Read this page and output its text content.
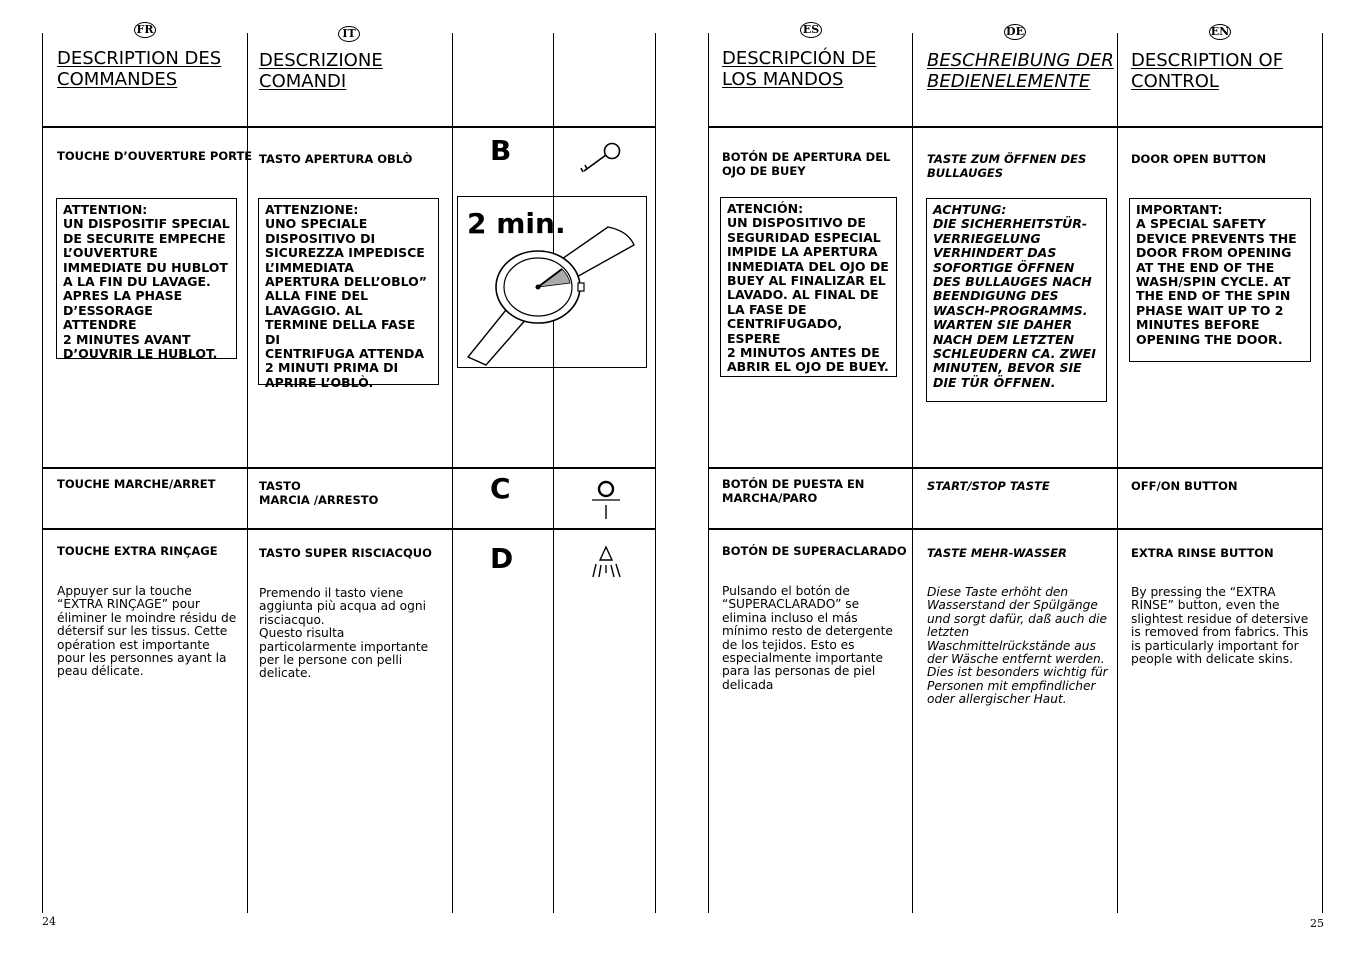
FR
DESCRIPTION DES
COMMANDES
TOUCHE D’OUVERTURE PORTE
ATTENTION:
UN DISPOSITIF SPECIAL
DE SECURITE EMPECHE
L’OUVERTURE
IMMEDIATE DU HUBLOT
A LA FIN DU LAVAGE.
APRES LA PHASE
D’ESSORAGE ATTENDRE
2 MINUTES AVANT
D’OUVRIR LE HUBLOT.
TOUCHE MARCHE/ARRET
TOUCHE EXTRA RINÇAGE
Appuyer sur la touche
“EXTRA RINÇAGE” pour
éliminer le moindre résidu de
détersif sur les tissus. Cette
opération est importante
pour les personnes ayant la
peau délicate.
IT
DESCRIZIONE
COMANDI
TASTO APERTURA OBLÒ
ATTENZIONE:
UNO SPECIALE
DISPOSITIVO DI
SICUREZZA IMPEDISCE
L’IMMEDIATA
APERTURA DELL’OBLO”
ALLA FINE DEL
LAVAGGIO. AL
TERMINE DELLA FASE DI
CENTRIFUGA ATTENDA
2 MINUTI PRIMA DI
APRIRE L’OBLÒ.
TASTO
MARCIA /ARRESTO
TASTO SUPER RISCIACQUO
Premendo il tasto viene
aggiunta più acqua ad ogni
risciacquo.
Questo risulta
particolarmente importante
per le persone con pelli
delicate.
B
C
D
2 min.
24
ES
DESCRIPCIÓN DE
LOS MANDOS
BOTÓN DE APERTURA DEL
OJO DE BUEY
ATENCIÓN:
UN DISPOSITIVO DE
SEGURIDAD ESPECIAL
IMPIDE LA APERTURA
INMEDIATA DEL OJO DE
BUEY AL FINALIZAR EL
LAVADO. AL FINAL DE
LA FASE DE
CENTRIFUGADO, ESPERE
2 MINUTOS ANTES DE
ABRIR EL OJO DE BUEY.
BOTÓN DE PUESTA EN
MARCHA/PARO
BOTÓN DE SUPERACLARADO
Pulsando el botón de
“SUPERACLARADO” se
elimina incluso el más
mínimo resto de detergente
de los tejidos. Esto es
especialmente importante
para las personas de piel
delicada
DE
BESCHREIBUNG DER
BEDIENELEMENTE
TASTE ZUM ÖFFNEN DES
BULLAUGES
ACHTUNG:
DIE SICHERHEITSTÜR-
VERRIEGELUNG
VERHINDERT DAS
SOFORTIGE ÖFFNEN
DES BULLAUGES NACH
BEENDIGUNG DES
WASCH-PROGRAMMS.
WARTEN SIE DAHER
NACH DEM LETZTEN
SCHLEUDERN CA. ZWEI
MINUTEN, BEVOR SIE
DIE TÜR ÖFFNEN.
START/STOP TASTE
TASTE MEHR-WASSER
Diese Taste erhöht den
Wasserstand der Spülgänge
und sorgt dafür, daß auch die
letzten
Waschmittelrückstände aus
der Wäsche entfernt werden.
Dies ist besonders wichtig für
Personen mit empfindlicher
oder allergischer Haut.
EN
DESCRIPTION OF
CONTROL
DOOR OPEN BUTTON
IMPORTANT:
A SPECIAL SAFETY
DEVICE PREVENTS THE
DOOR FROM OPENING
AT THE END OF THE
WASH/SPIN CYCLE. AT
THE END OF THE SPIN
PHASE WAIT UP TO 2
MINUTES BEFORE
OPENING THE DOOR.
OFF/ON BUTTON
EXTRA RINSE BUTTON
By pressing the “EXTRA
RINSE” button, even the
slightest residue of detersive
is removed from fabrics. This
is particularly important for
people with delicate skins.
25
